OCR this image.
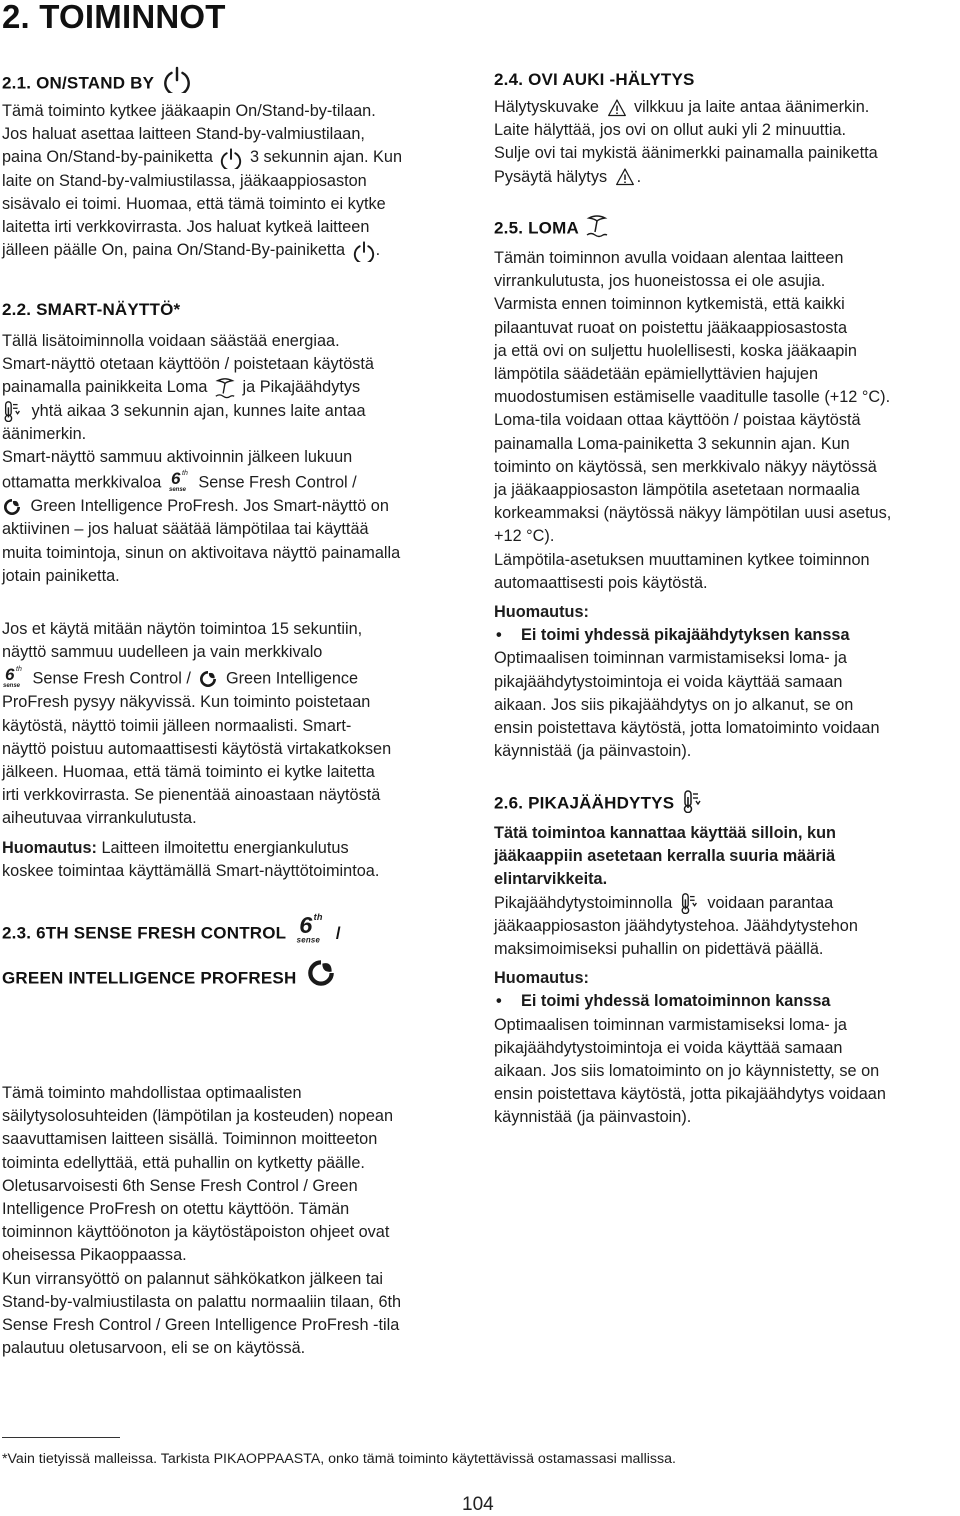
2. TOIMINNOT

2.1. ON/STAND BY

Tämä toiminto kytkee jääkaapin On/Stand-by-tilaan.

Jos haluat asettaa laitteen Stand-by-valmiustilaan,

paina On/Stand-by-painiketta 3 sekunnin ajan. Kun

laite on Stand-by-valmiustilassa, jääkaappiosaston

sisävalo ei toimi. Huomaa, että tämä toiminto ei kytke

laitetta irti verkkovirrasta. Jos haluat kytkeä laitteen

jälleen päälle On, paina On/Stand-By-painiketta .

2.2. SMART-NÄYTTÖ*

Tällä lisätoiminnolla voidaan säästää energiaa.

Smart-näyttö otetaan käyttöön / poistetaan käytöstä

painamalla painikkeita Loma ja Pikajäähdytys

yhtä aikaa 3 sekunnin ajan, kunnes laite antaa

äänimerkin.

Smart-näyttö sammuu aktivoinnin jälkeen lukuun

ottamatta merkkivaloa 6 th
sense Sense Fresh Control /

Green Intelligence ProFresh. Jos Smart-näyttö on

aktiivinen – jos haluat säätää lämpötilaa tai käyttää

muita toimintoja, sinun on aktivoitava näyttö painamalla

jotain painiketta.

Jos et käytä mitään näytön toimintoa 15 sekuntiin,

näyttö sammuu uudelleen ja vain merkkivalo

6 th
sense Sense Fresh Control / Green Intelligence

ProFresh pysyy näkyvissä. Kun toiminto poistetaan

käytöstä, näyttö toimii jälleen normaalisti. Smart-

näyttö poistuu automaattisesti käytöstä virtakatkoksen

jälkeen. Huomaa, että tämä toiminto ei kytke laitetta

irti verkkovirrasta. Se pienentää ainoastaan näytöstä

aiheutuvaa virrankulutusta.

Huomautus: Laitteen ilmoitettu energiankulutus

koskee toimintaa käyttämällä Smart-näyttötoimintoa.

2.3. 6TH SENSE FRESH CONTROL 6 th
sense /

GREEN INTELLIGENCE PROFRESH

Tämä toiminto mahdollistaa optimaalisten

säilytysolosuhteiden (lämpötilan ja kosteuden) nopean

saavuttamisen laitteen sisällä. Toiminnon moitteeton

toiminta edellyttää, että puhallin on kytketty päälle.

Oletusarvoisesti 6th Sense Fresh Control / Green

Intelligence ProFresh on otettu käyttöön. Tämän

toiminnon käyttöönoton ja käytöstäpoiston ohjeet ovat

oheisessa Pikaoppaassa.

Kun virransyöttö on palannut sähkökatkon jälkeen tai

Stand-by-valmiustilasta on palattu normaaliin tilaan, 6th

Sense Fresh Control / Green Intelligence ProFresh -tila

palautuu oletusarvoon, eli se on käytössä.

2.4. OVI AUKI -HÄLYTYS

Hälytyskuvake vilkkuu ja laite antaa äänimerkin.

Laite hälyttää, jos ovi on ollut auki yli 2 minuuttia.

Sulje ovi tai mykistä äänimerkki painamalla painiketta

Pysäytä hälytys .

2.5. LOMA

Tämän toiminnon avulla voidaan alentaa laitteen

virrankulutusta, jos huoneistossa ei ole asujia.

Varmista ennen toiminnon kytkemistä, että kaikki

pilaantuvat ruoat on poistettu jääkaappiosastosta

ja että ovi on suljettu huolellisesti, koska jääkaapin

lämpötila säädetään epämiellyttävien hajujen

muodostumisen estämiselle vaaditulle tasolle (+12 °C).

Loma-tila voidaan ottaa käyttöön / poistaa käytöstä

painamalla Loma-painiketta 3 sekunnin ajan. Kun

toiminto on käytössä, sen merkkivalo näkyy näytössä

ja jääkaappiosaston lämpötila asetetaan normaalia

korkeammaksi (näytössä näkyy lämpötilan uusi asetus,

+12 °C).

Lämpötila-asetuksen muuttaminen kytkee toiminnon

automaattisesti pois käytöstä.

Huomautus:

• Ei toimi yhdessä pikajäähdytyksen kanssa

Optimaalisen toiminnan varmistamiseksi loma- ja

pikajäähdytystoimintoja ei voida käyttää samaan

aikaan. Jos siis pikajäähdytys on jo alkanut, se on

ensin poistettava käytöstä, jotta lomatoiminto voidaan

käynnistää (ja päinvastoin).

2.6. PIKAJÄÄHDYTYS

Tätä toimintoa kannattaa käyttää silloin, kun

jääkaappiin asetetaan kerralla suuria määriä

elintarvikkeita.

Pikajäähdytystoiminnolla voidaan parantaa

jääkaappiosaston jäähdytystehoa. Jäähdytystehon

maksimoimiseksi puhallin on pidettävä päällä.

Huomautus:

• Ei toimi yhdessä lomatoiminnon kanssa

Optimaalisen toiminnan varmistamiseksi loma- ja

pikajäähdytystoimintoja ei voida käyttää samaan

aikaan. Jos siis lomatoiminto on jo käynnistetty, se on

ensin poistettava käytöstä, jotta pikajäähdytys voidaan

käynnistää (ja päinvastoin).

*Vain tietyissä malleissa. Tarkista PIKAOPPAASTA, onko tämä toiminto käytettävissä ostamassasi mallissa.

104
